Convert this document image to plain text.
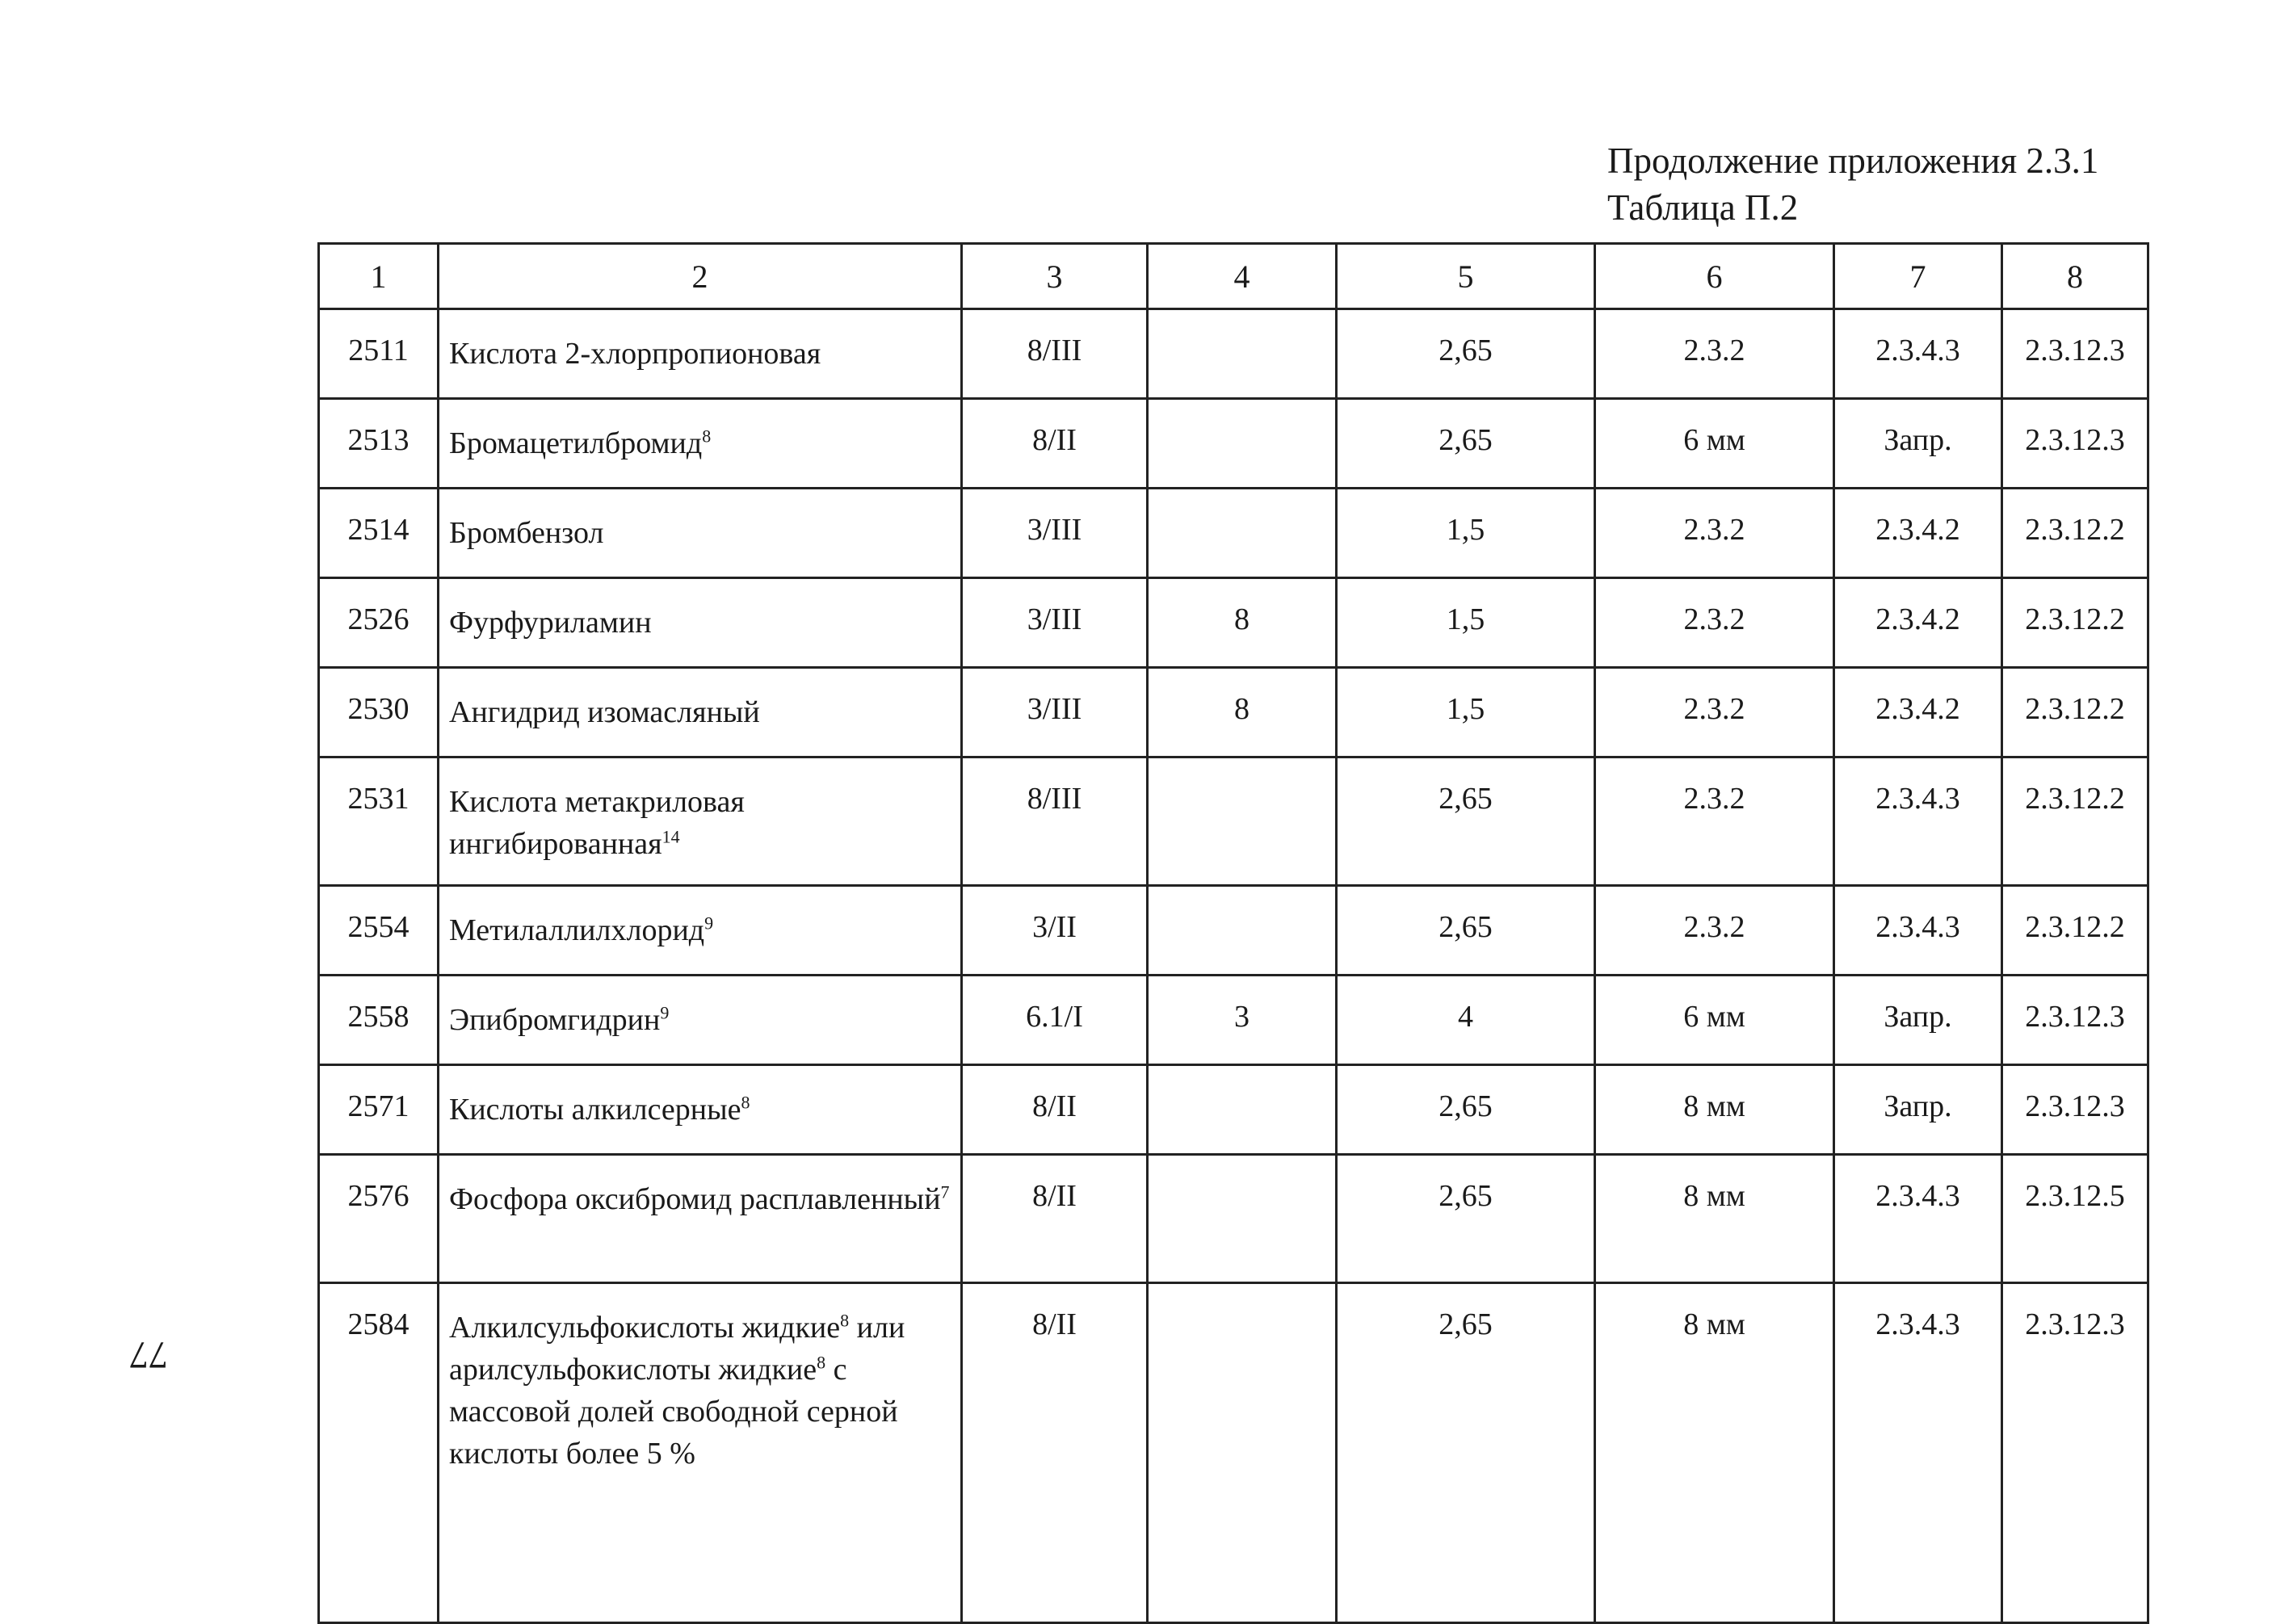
Продолжение приложения 2.3.1
Таблица П.2
77
1	2	3	4	5	6	7	8
2511	Кислота 2-хлорпропионовая	8/III		2,65	2.3.2	2.3.4.3	2.3.12.3
2513	Бромацетилбромид$^8$	8/II		2,65	6 мм	Запр.	2.3.12.3
2514	Бромбензол	3/III		1,5	2.3.2	2.3.4.2	2.3.12.2
2526	Фурфуриламин	3/III	8	1,5	2.3.2	2.3.4.2	2.3.12.2
2530	Ангидрид изомасляный	3/III	8	1,5	2.3.2	2.3.4.2	2.3.12.2
2531	Кислота метакриловая ингибированная$^{14}$	8/III		2,65	2.3.2	2.3.4.3	2.3.12.2
2554	Метилаллилхлорид$^9$	3/II		2,65	2.3.2	2.3.4.3	2.3.12.2
2558	Эпибромгидрин$^9$	6.1/I	3	4	6 мм	Запр.	2.3.12.3
2571	Кислоты алкилсерные$^8$	8/II		2,65	8 мм	Запр.	2.3.12.3
2576	Фосфора оксибромид расплавленный$^7$	8/II		2,65	8 мм	2.3.4.3	2.3.12.5
2584	Алкилсульфокислоты жидкие$^8$ или арилсульфокислоты жидкие$^8$ с массовой долей свободной серной кислоты более 5 %	8/II		2,65	8 мм	2.3.4.3	2.3.12.3
